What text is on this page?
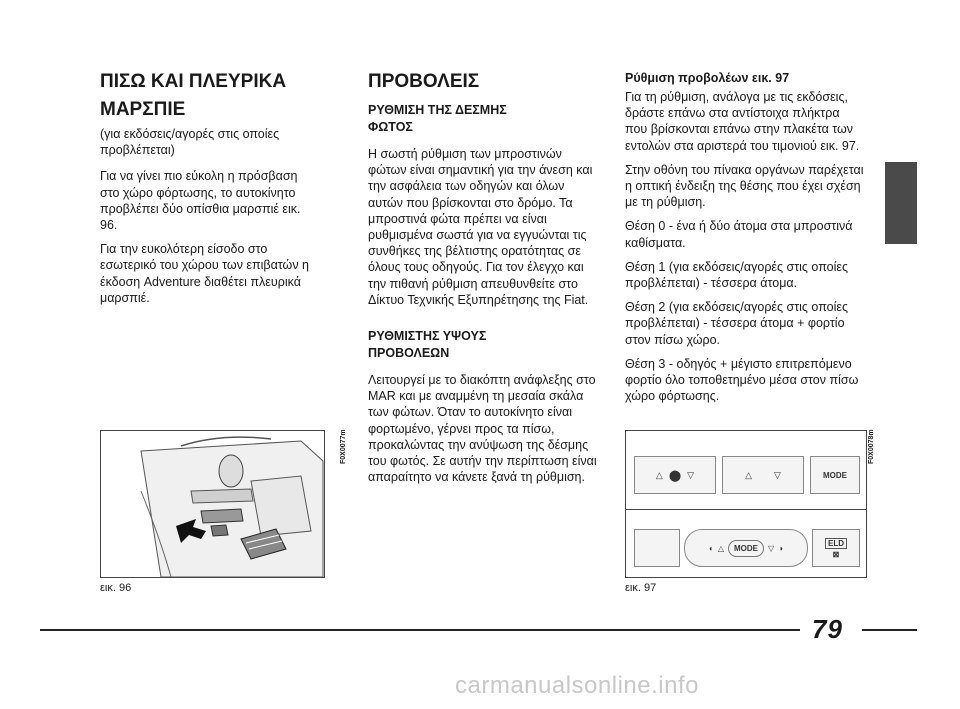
ΠΙΣΩ ΚΑΙ ΠΛΕΥΡΙΚΑ
ΜΑΡΣΠΙΕ

(για εκδόσεις/αγορές στις οποίες προβλέπεται)

Για να γίνει πιο εύκολη η πρόσβαση στο χώρο φόρτωσης, το αυτοκίνητο προβλέπει δύο οπίσθια μαρσπιέ εικ. 96.

Για την ευκολότερη είσοδο στο εσωτερικό του χώρου των επιβατών η έκδοση Adventure διαθέτει πλευρικά μαρσπιέ.

ΠΡΟΒΟΛΕΙΣ
ΡΥΘΜΙΣΗ ΤΗΣ ΔΕΣΜΗΣ
ΦΩΤΟΣ

Η σωστή ρύθμιση των μπροστινών φώτων είναι σημαντική για την άνεση και την ασφάλεια των οδηγών και όλων αυτών που βρίσκονται στο δρόμο. Τα μπροστινά φώτα πρέπει να είναι ρυθμισμένα σωστά για να εγγυώνται τις συνθήκες της βέλτιστης ορατότητας σε όλους τους οδηγούς. Για τον έλεγχο και την πιθανή ρύθμιση απευθυνθείτε στο Δίκτυο Τεχνικής Εξυπηρέτησης της Fiat.

ΡΥΘΜΙΣΤΗΣ ΥΨΟΥΣ
ΠΡΟΒΟΛΕΩΝ

Λειτουργεί με το διακόπτη ανάφλεξης στο MAR και με αναμμένη τη μεσαία σκάλα των φώτων. Όταν το αυτοκίνητο είναι φορτωμένο, γέρνει προς τα πίσω, προκαλώντας την ανύψωση της δέσμης του φωτός. Σε αυτήν την περίπτωση είναι απαραίτητο να κάνετε ξανά τη ρύθμιση.

Ρύθμιση προβολέων εικ. 97

Για τη ρύθμιση, ανάλογα με τις εκδόσεις, δράστε επάνω στα αντίστοιχα πλήκτρα που βρίσκονται επάνω στην πλακέτα των εντολών στα αριστερά του τιμονιού εικ. 97.

Στην οθόνη του πίνακα οργάνων παρέχεται η οπτική ένδειξη της θέσης που έχει σχέση με τη ρύθμιση.

Θέση 0 - ένα ή δύο άτομα στα μπροστινά καθίσματα.

Θέση 1 (για εκδόσεις/αγορές στις οποίες προβλέπεται) - τέσσερα άτομα.

Θέση 2 (για εκδόσεις/αγορές στις οποίες προβλέπεται) - τέσσερα άτομα + φορτίο στον πίσω χώρο.

Θέση 3 - οδηγός + μέγιστο επιτρεπόμενο φορτίο όλο τοποθετημένο μέσα στον πίσω χώρο φόρτωσης.

F0X0077m
εικ. 96
△ ⬤ ▽	△ ▽	MODE
◐ △	MODE	▽ ◑
ELD
⊠
F0X0078m
εικ. 97
79
carmanualsonline.info
